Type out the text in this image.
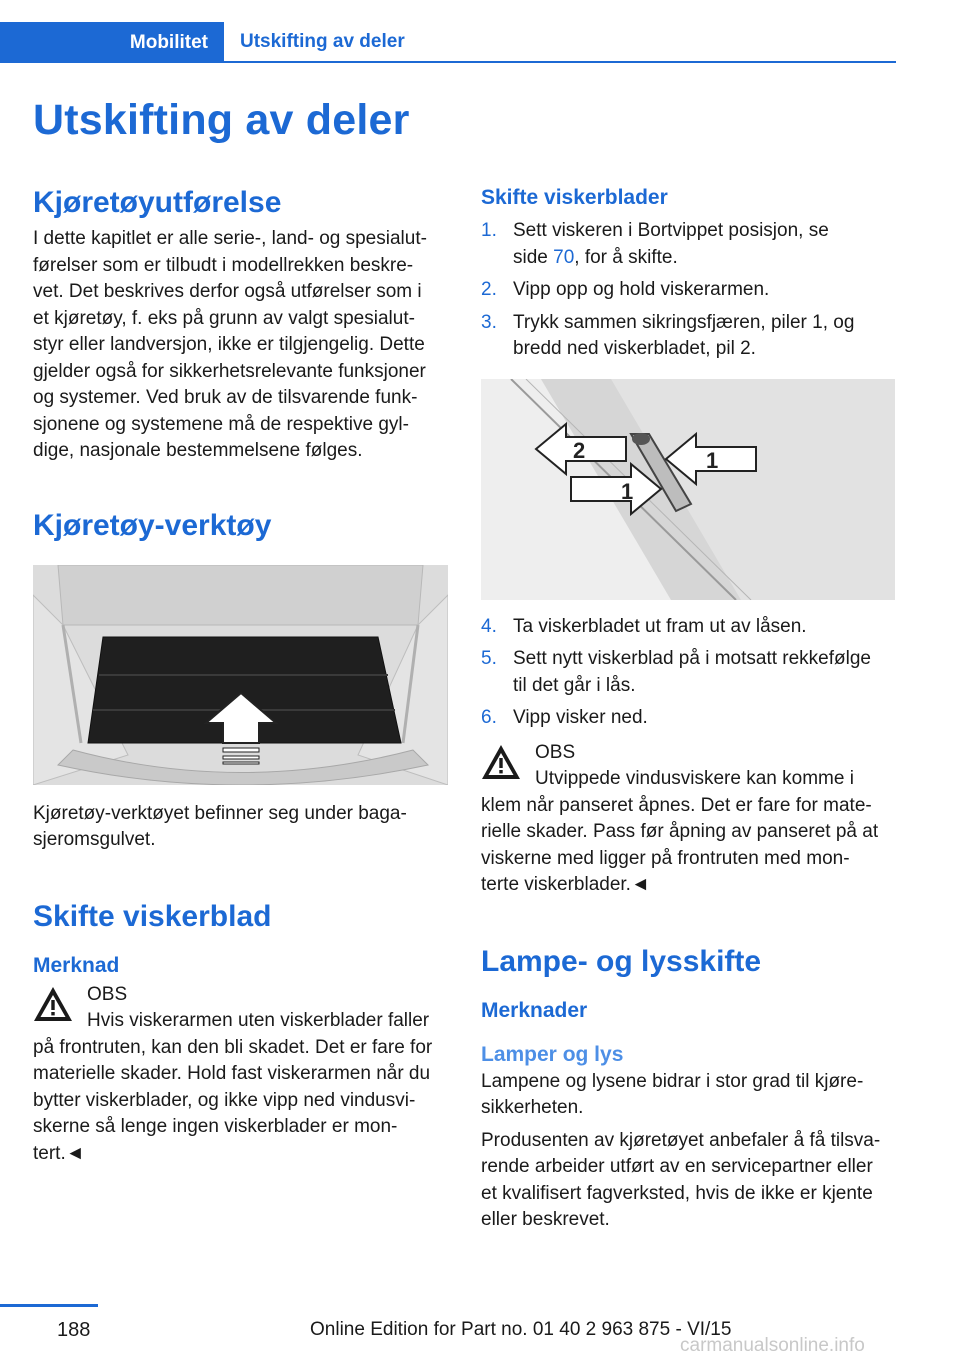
Mobilitet	Utskifting av deler
Utskifting av deler
Kjøretøyutførelse
I dette kapitlet er alle serie-, land- og spesialut-
førelser som er tilbudt i modellrekken beskre-
vet. Det beskrives derfor også utførelser som i
et kjøretøy, f. eks på grunn av valgt spesialut-
styr eller landversjon, ikke er tilgjengelig. Dette
gjelder også for sikkerhetsrelevante funksjoner
og systemer. Ved bruk av de tilsvarende funk-
sjonene og systemene må de respektive gyl-
dige, nasjonale bestemmelsene følges.
Kjøretøy-verktøy
Kjøretøy-verktøyet befinner seg under baga-
sjeromsgulvet.
Skifte viskerblad
Merknad
OBS
Hvis viskerarmen uten viskerblader faller
på frontruten, kan den bli skadet. Det er fare for
materielle skader. Hold fast viskerarmen når du
bytter viskerblader, og ikke vipp ned vindusvi-
skerne så lenge ingen viskerblader er mon-
tert.◄
Skifte viskerblader
1. Sett viskeren i Bortvippet posisjon, se
side 70, for å skifte.
2. Vipp opp og hold viskerarmen.
3. Trykk sammen sikringsfjæren, piler 1, og
bredd ned viskerbladet, pil 2.
2	1
1
4. Ta viskerbladet ut fram ut av låsen.
5. Sett nytt viskerblad på i motsatt rekkefølge
til det går i lås.
6. Vipp visker ned.
OBS
Utvippede vindusviskere kan komme i
klem når panseret åpnes. Det er fare for mate-
rielle skader. Pass før åpning av panseret på at
viskerne med ligger på frontruten med mon-
terte viskerblader.◄
Lampe- og lysskifte
Merknader
Lamper og lys
Lampene og lysene bidrar i stor grad til kjøre-
sikkerheten.
Produsenten av kjøretøyet anbefaler å få tilsva-
rende arbeider utført av en servicepartner eller
et kvalifisert fagverksted, hvis de ikke er kjente
eller beskrevet.
188	Online Edition for Part no. 01 40 2 963 875 - VI/15
carmanualsonline.info
